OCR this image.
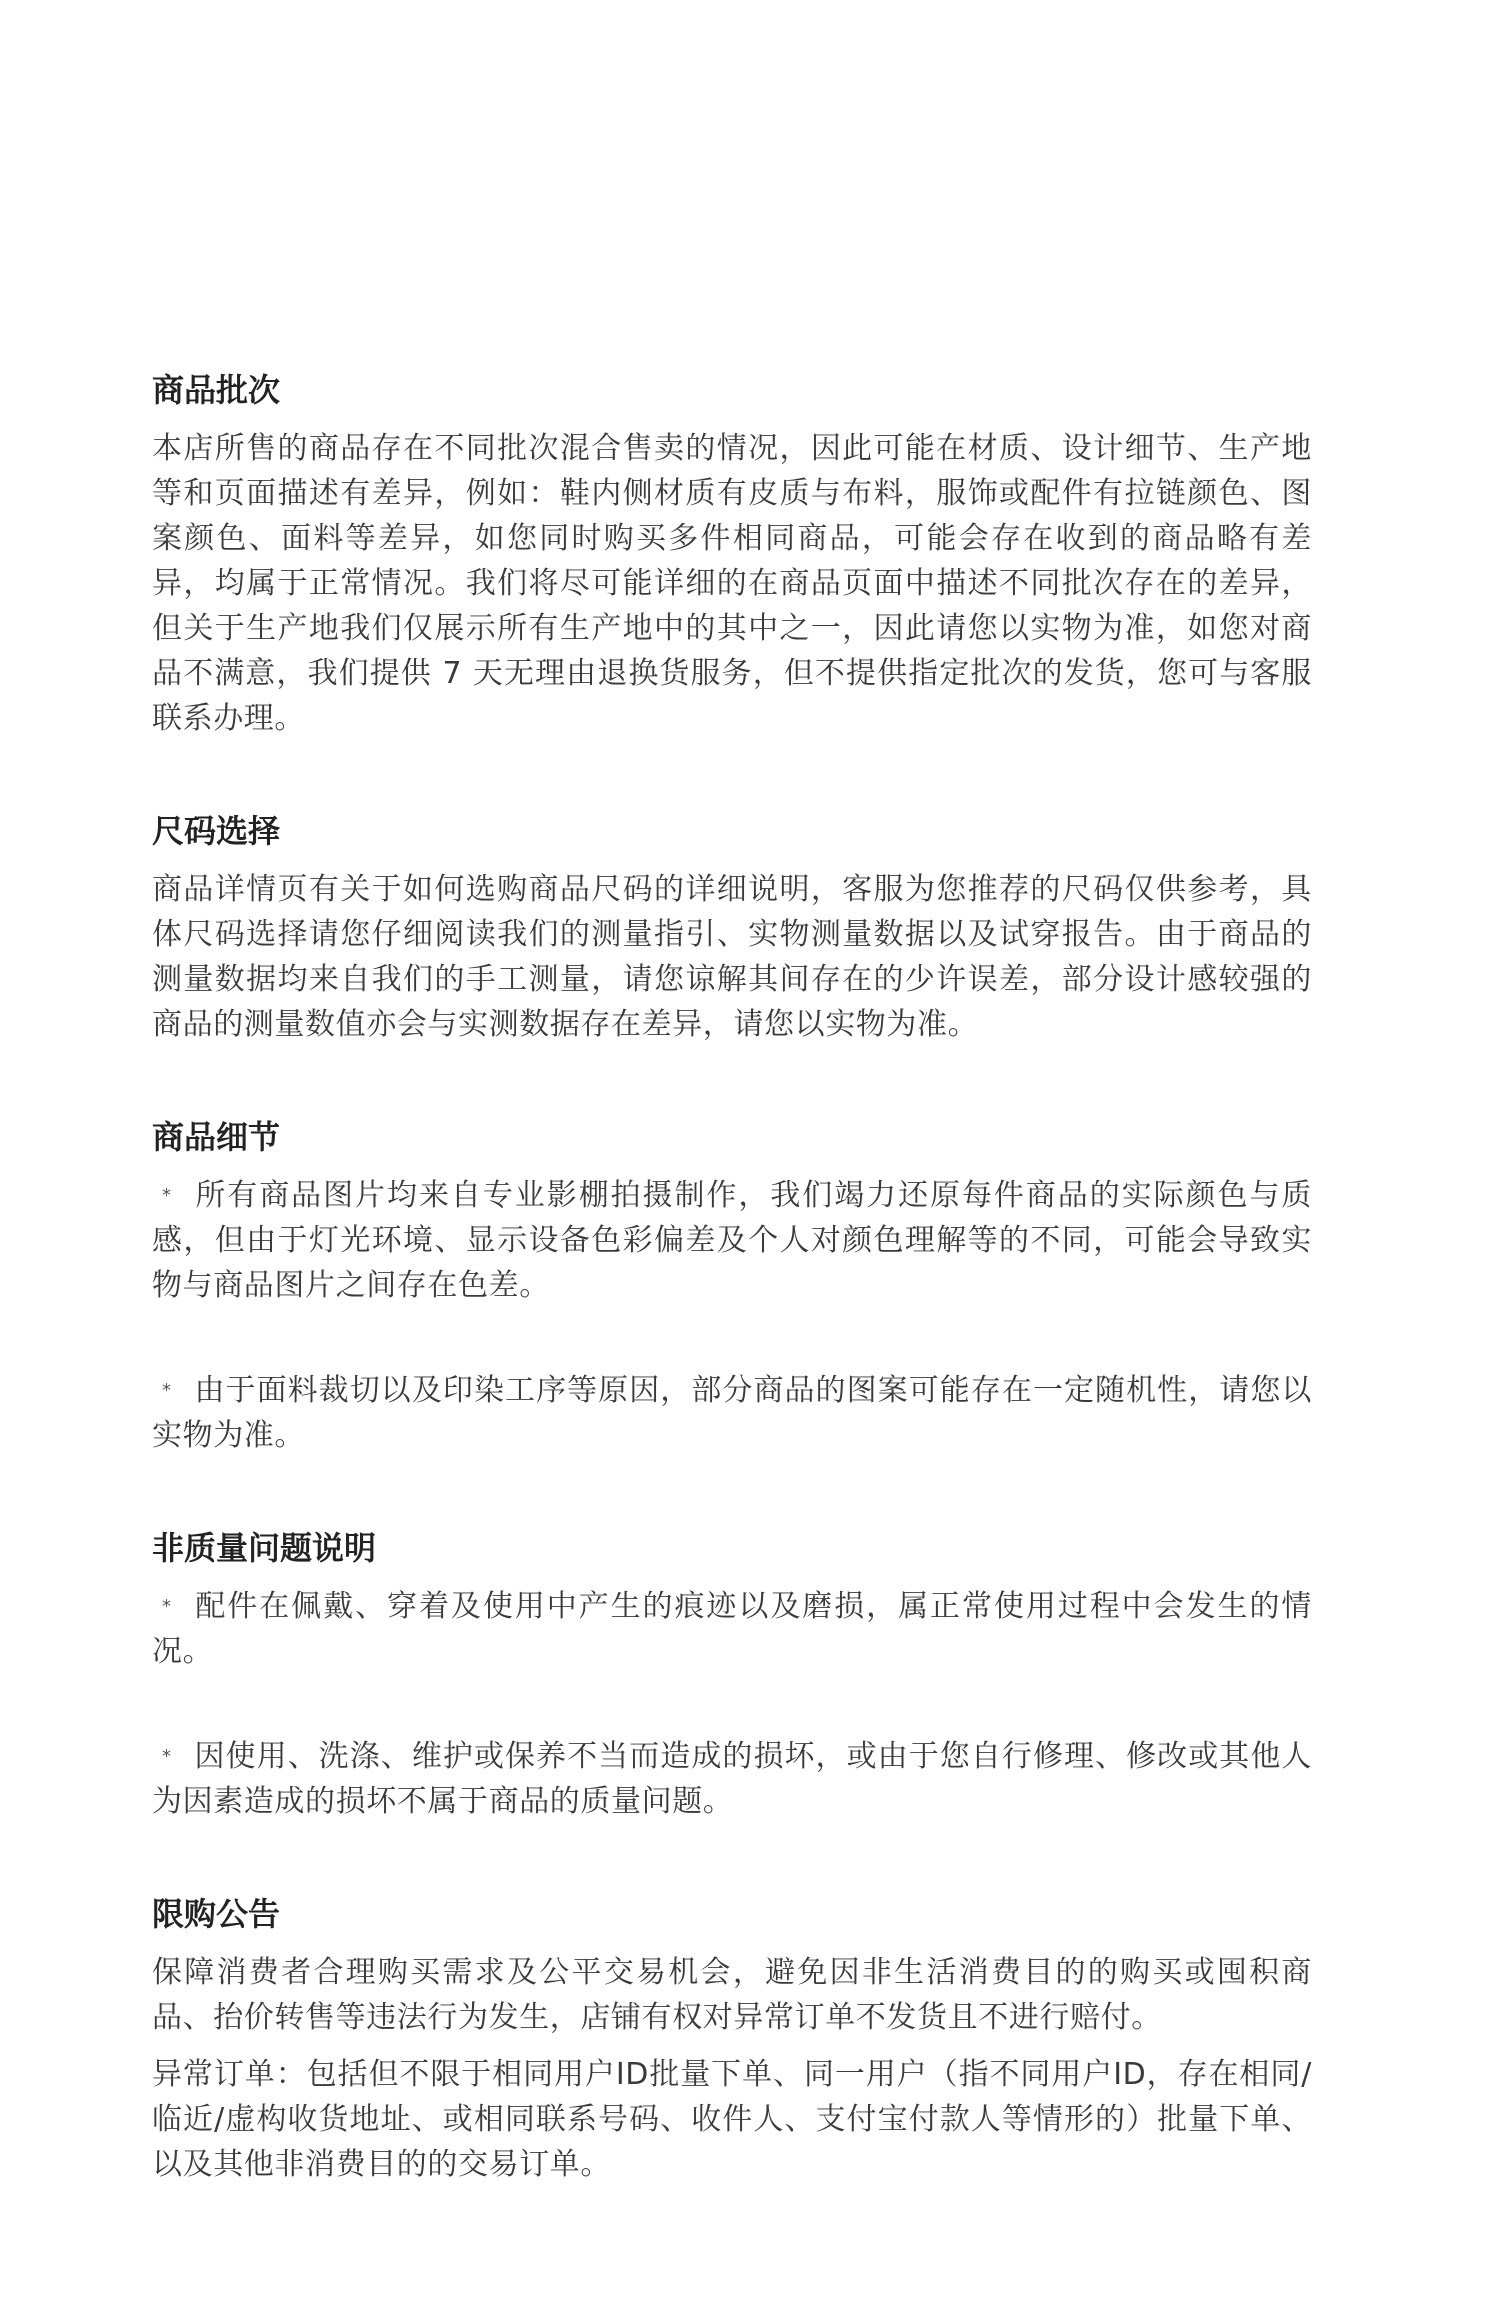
商品批次

本店所售的商品存在不同批次混合售卖的情况，因此可能在材质、设计细节、生产地等和页面描述有差异，例如：鞋内侧材质有皮质与布料，服饰或配件有拉链颜色、图案颜色、面料等差异，如您同时购买多件相同商品，可能会存在收到的商品略有差异，均属于正常情况。我们将尽可能详细的在商品页面中描述不同批次存在的差异，但关于生产地我们仅展示所有生产地中的其中之一，因此请您以实物为准，如您对商品不满意，我们提供 7 天无理由退换货服务，但不提供指定批次的发货，您可与客服联系办理。

尺码选择

商品详情页有关于如何选购商品尺码的详细说明，客服为您推荐的尺码仅供参考，具体尺码选择请您仔细阅读我们的测量指引、实物测量数据以及试穿报告。由于商品的测量数据均来自我们的手工测量，请您谅解其间存在的少许误差，部分设计感较强的商品的测量数值亦会与实测数据存在差异，请您以实物为准。

商品细节

* 所有商品图片均来自专业影棚拍摄制作，我们竭力还原每件商品的实际颜色与质感，但由于灯光环境、显示设备色彩偏差及个人对颜色理解等的不同，可能会导致实物与商品图片之间存在色差。

* 由于面料裁切以及印染工序等原因，部分商品的图案可能存在一定随机性，请您以实物为准。

非质量问题说明

* 配件在佩戴、穿着及使用中产生的痕迹以及磨损，属正常使用过程中会发生的情况。

* 因使用、洗涤、维护或保养不当而造成的损坏，或由于您自行修理、修改或其他人为因素造成的损坏不属于商品的质量问题。

限购公告

保障消费者合理购买需求及公平交易机会，避免因非生活消费目的的购买或囤积商品、抬价转售等违法行为发生，店铺有权对异常订单不发货且不进行赔付。

异常订单：包括但不限于相同用户ID批量下单、同一用户（指不同用户ID，存在相同/临近/虚构收货地址、或相同联系号码、收件人、支付宝付款人等情形的）批量下单、以及其他非消费目的的交易订单。
